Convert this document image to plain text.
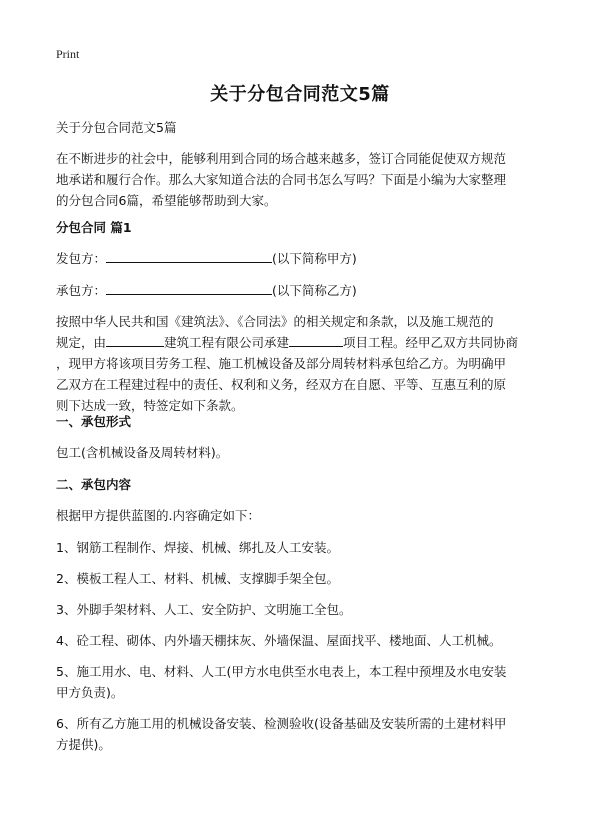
Print
关于分包合同范文5篇
关于分包合同范文5篇
在不断进步的社会中，能够利用到合同的场合越来越多，签订合同能促使双方规范
地承诺和履行合作。那么大家知道合法的合同书怎么写吗？下面是小编为大家整理
的分包合同6篇，希望能够帮助到大家。
分包合同 篇1
发包方：	(以下简称甲方)
承包方：	(以下简称乙方)
按照中华人民共和国《建筑法》、《合同法》的相关规定和条款，以及施工规范的
规定，由	建筑工程有限公司承建	项目工程。经甲乙双方共同协商
，现甲方将该项目劳务工程、施工机械设备及部分周转材料承包给乙方。为明确甲
乙双方在工程建过程中的责任、权利和义务，经双方在自愿、平等、互惠互利的原
则下达成一致，特签定如下条款。
一、承包形式
包工(含机械设备及周转材料)。
二、承包内容
根据甲方提供蓝图的.内容确定如下：
1、钢筋工程制作、焊接、机械、绑扎及人工安装。
2、模板工程人工、材料、机械、支撑脚手架全包。
3、外脚手架材料、人工、安全防护、文明施工全包。
4、砼工程、砌体、内外墙天棚抹灰、外墙保温、屋面找平、楼地面、人工机械。
5、施工用水、电、材料、人工(甲方水电供至水电表上，本工程中预埋及水电安装
甲方负责)。
6、所有乙方施工用的机械设备安装、检测验收(设备基础及安装所需的土建材料甲
方提供)。
